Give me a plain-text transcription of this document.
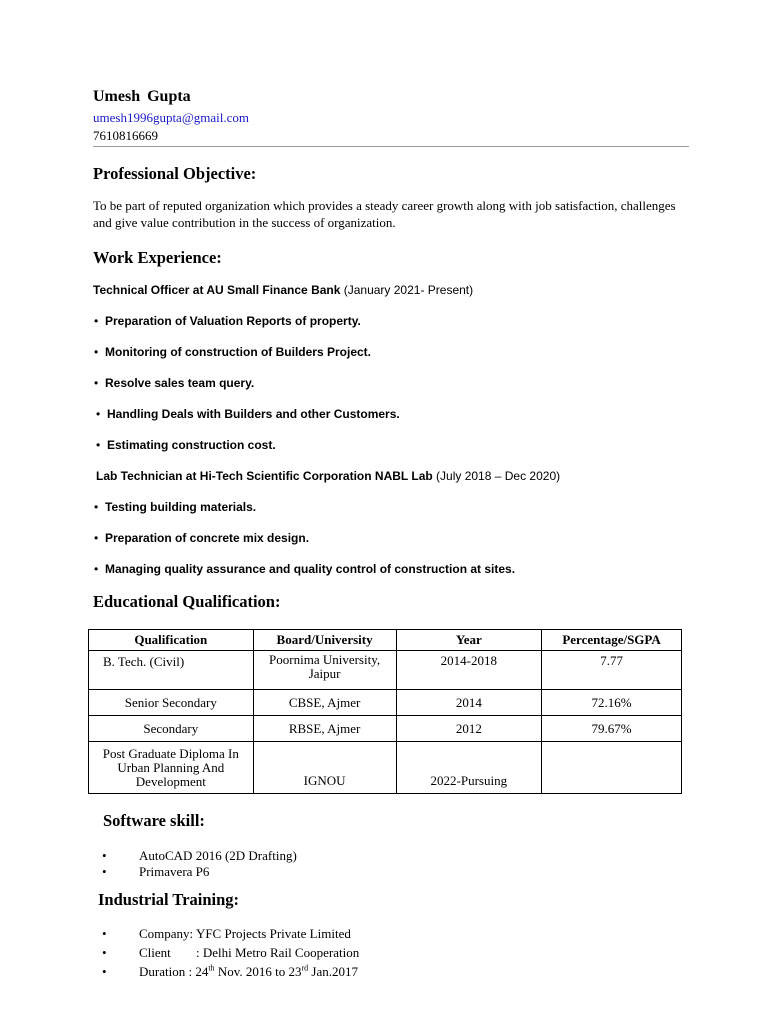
Umesh Gupta
umesh1996gupta@gmail.com
7610816669
Professional Objective:
To be part of reputed organization which provides a steady career growth along with job satisfaction, challenges and give value contribution in the success of organization.
Work Experience:
Technical Officer at AU Small Finance Bank (January 2021- Present)
• Preparation of Valuation Reports of property.
• Monitoring of construction of Builders Project.
• Resolve sales team query.
• Handling Deals with Builders and other Customers.
• Estimating construction cost.
Lab Technician at Hi-Tech Scientific Corporation NABL Lab (July 2018 – Dec 2020)
• Testing building materials.
• Preparation of concrete mix design.
• Managing quality assurance and quality control of construction at sites.
Educational Qualification:
Qualification	Board/University	Year	Percentage/SGPA
B. Tech. (Civil)	Poornima University, Jaipur	2014-2018	7.77
Senior Secondary	CBSE, Ajmer	2014	72.16%
Secondary	RBSE, Ajmer	2012	79.67%
Post Graduate Diploma In Urban Planning And Development	IGNOU	2022-Pursuing	
Software skill:
• AutoCAD 2016 (2D Drafting)
• Primavera P6
Industrial Training:
• Company: YFC Projects Private Limited
• Client : Delhi Metro Rail Cooperation
• Duration : 24th Nov. 2016 to 23rd Jan.2017
